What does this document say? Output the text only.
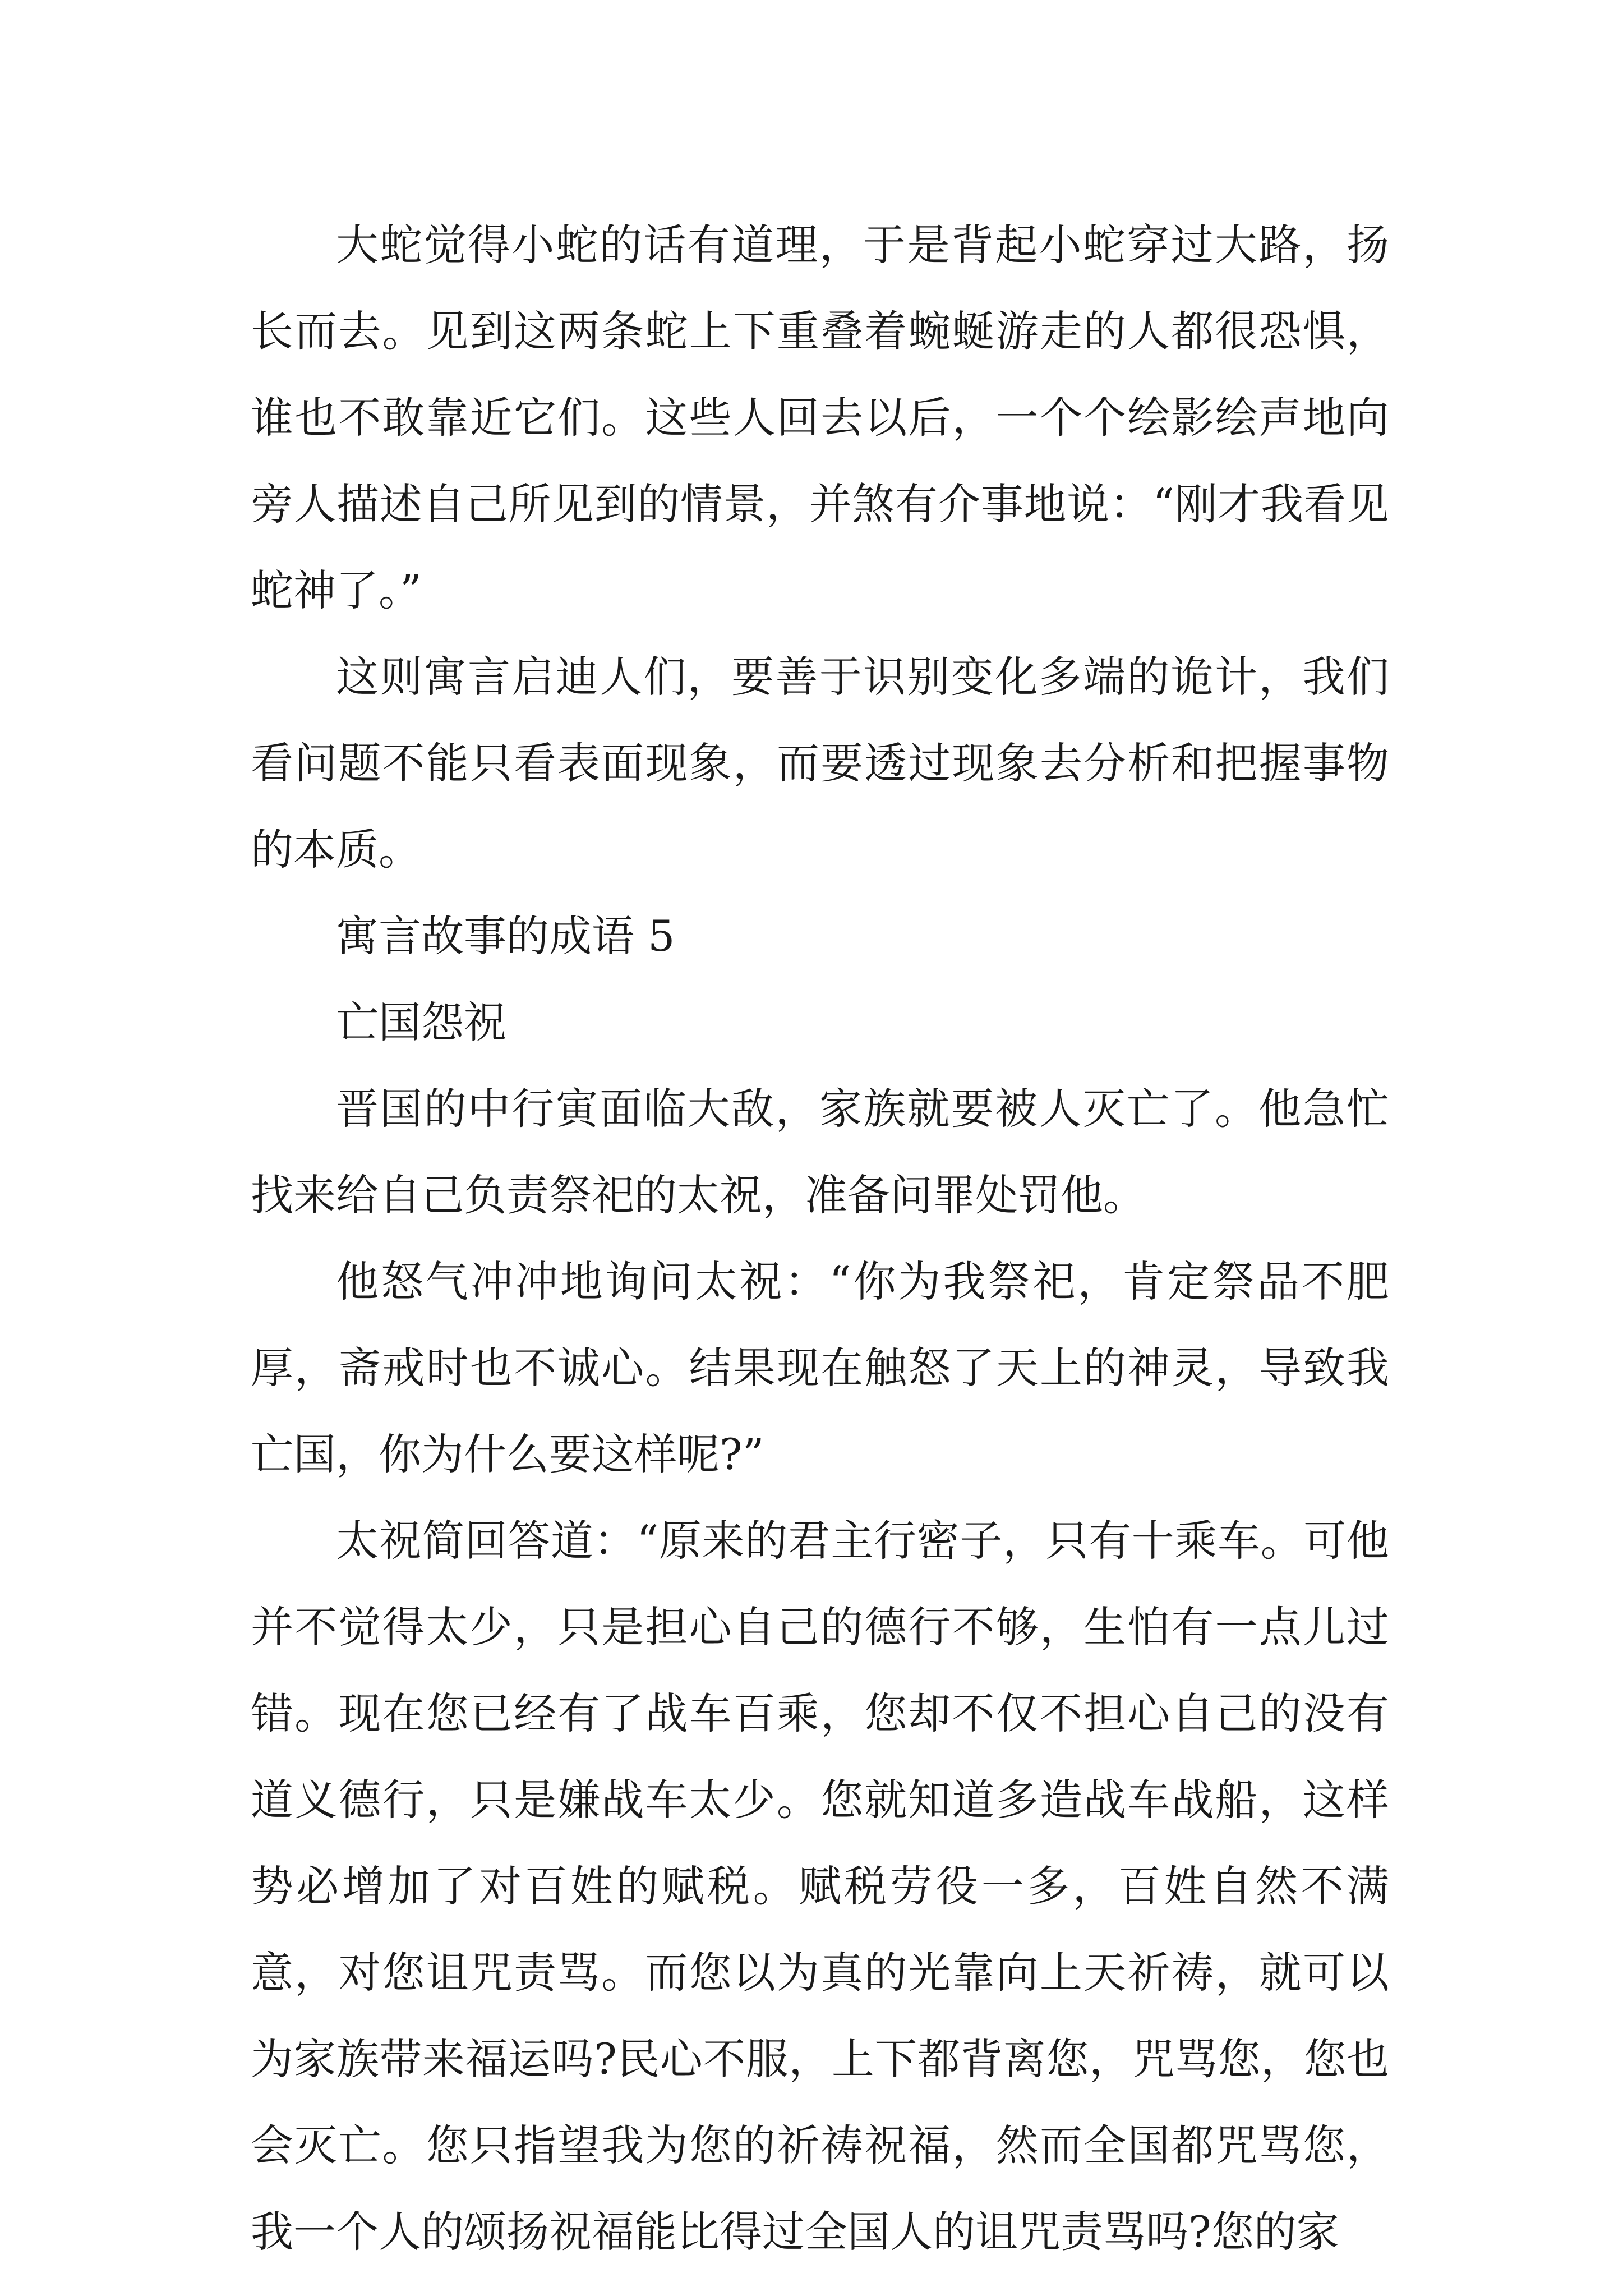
大蛇觉得小蛇的话有道理，于是背起小蛇穿过大路，扬长而去。见到这两条蛇上下重叠着蜿蜒游走的人都很恐惧，谁也不敢靠近它们。这些人回去以后，一个个绘影绘声地向旁人描述自己所见到的情景，并煞有介事地说：“刚才我看见蛇神了。”

这则寓言启迪人们，要善于识别变化多端的诡计，我们看问题不能只看表面现象，而要透过现象去分析和把握事物的本质。

寓言故事的成语 5

亡国怨祝

晋国的中行寅面临大敌，家族就要被人灭亡了。他急忙找来给自己负责祭祀的太祝，准备问罪处罚他。

他怒气冲冲地询问太祝：“你为我祭祀，肯定祭品不肥厚，斋戒时也不诚心。结果现在触怒了天上的神灵，导致我亡国，你为什么要这样呢?”

太祝简回答道：“原来的君主行密子，只有十乘车。可他并不觉得太少，只是担心自己的德行不够，生怕有一点儿过错。现在您已经有了战车百乘，您却不仅不担心自己的没有道义德行，只是嫌战车太少。您就知道多造战车战船，这样势必增加了对百姓的赋税。赋税劳役一多，百姓自然不满意，对您诅咒责骂。而您以为真的光靠向上天祈祷，就可以为家族带来福运吗?民心不服，上下都背离您，咒骂您，您也会灭亡。您只指望我为您的祈祷祝福，然而全国都咒骂您，我一个人的颂扬祝福能比得过全国人的诅咒责骂吗?您的家
